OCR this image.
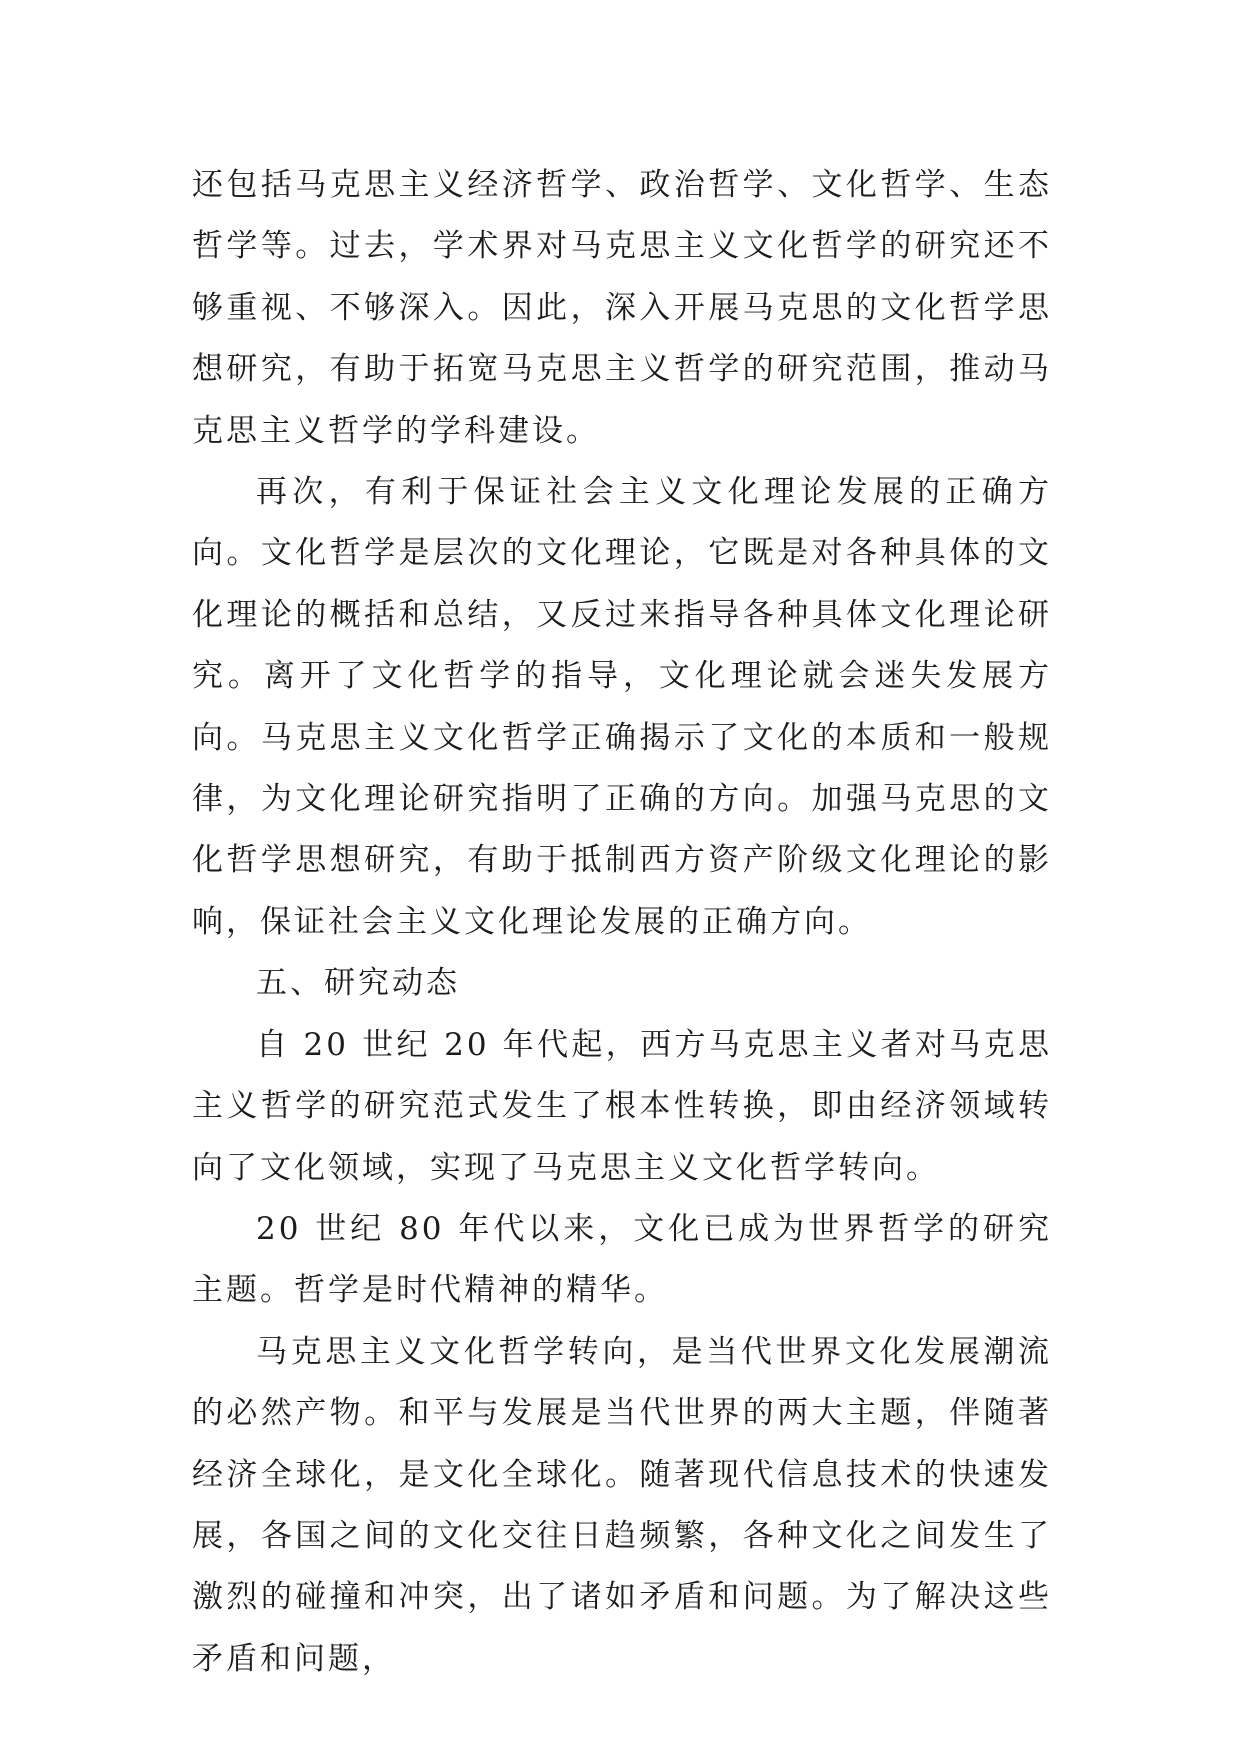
还包括马克思主义经济哲学、政治哲学、文化哲学、生态哲学等。过去，学术界对马克思主义文化哲学的研究还不够重视、不够深入。因此，深入开展马克思的文化哲学思想研究，有助于拓宽马克思主义哲学的研究范围，推动马克思主义哲学的学科建设。

再次，有利于保证社会主义文化理论发展的正确方向。文化哲学是层次的文化理论，它既是对各种具体的文化理论的概括和总结，又反过来指导各种具体文化理论研究。离开了文化哲学的指导，文化理论就会迷失发展方向。马克思主义文化哲学正确揭示了文化的本质和一般规律，为文化理论研究指明了正确的方向。加强马克思的文化哲学思想研究，有助于抵制西方资产阶级文化理论的影响，保证社会主义文化理论发展的正确方向。

五、研究动态

自 20 世纪 20 年代起，西方马克思主义者对马克思主义哲学的研究范式发生了根本性转换，即由经济领域转向了文化领域，实现了马克思主义文化哲学转向。

20 世纪 80 年代以来，文化已成为世界哲学的研究主题。哲学是时代精神的精华。

马克思主义文化哲学转向，是当代世界文化发展潮流的必然产物。和平与发展是当代世界的两大主题，伴随著经济全球化，是文化全球化。随著现代信息技术的快速发展，各国之间的文化交往日趋频繁，各种文化之间发生了激烈的碰撞和冲突，出了诸如矛盾和问题。为了解决这些矛盾和问题，
